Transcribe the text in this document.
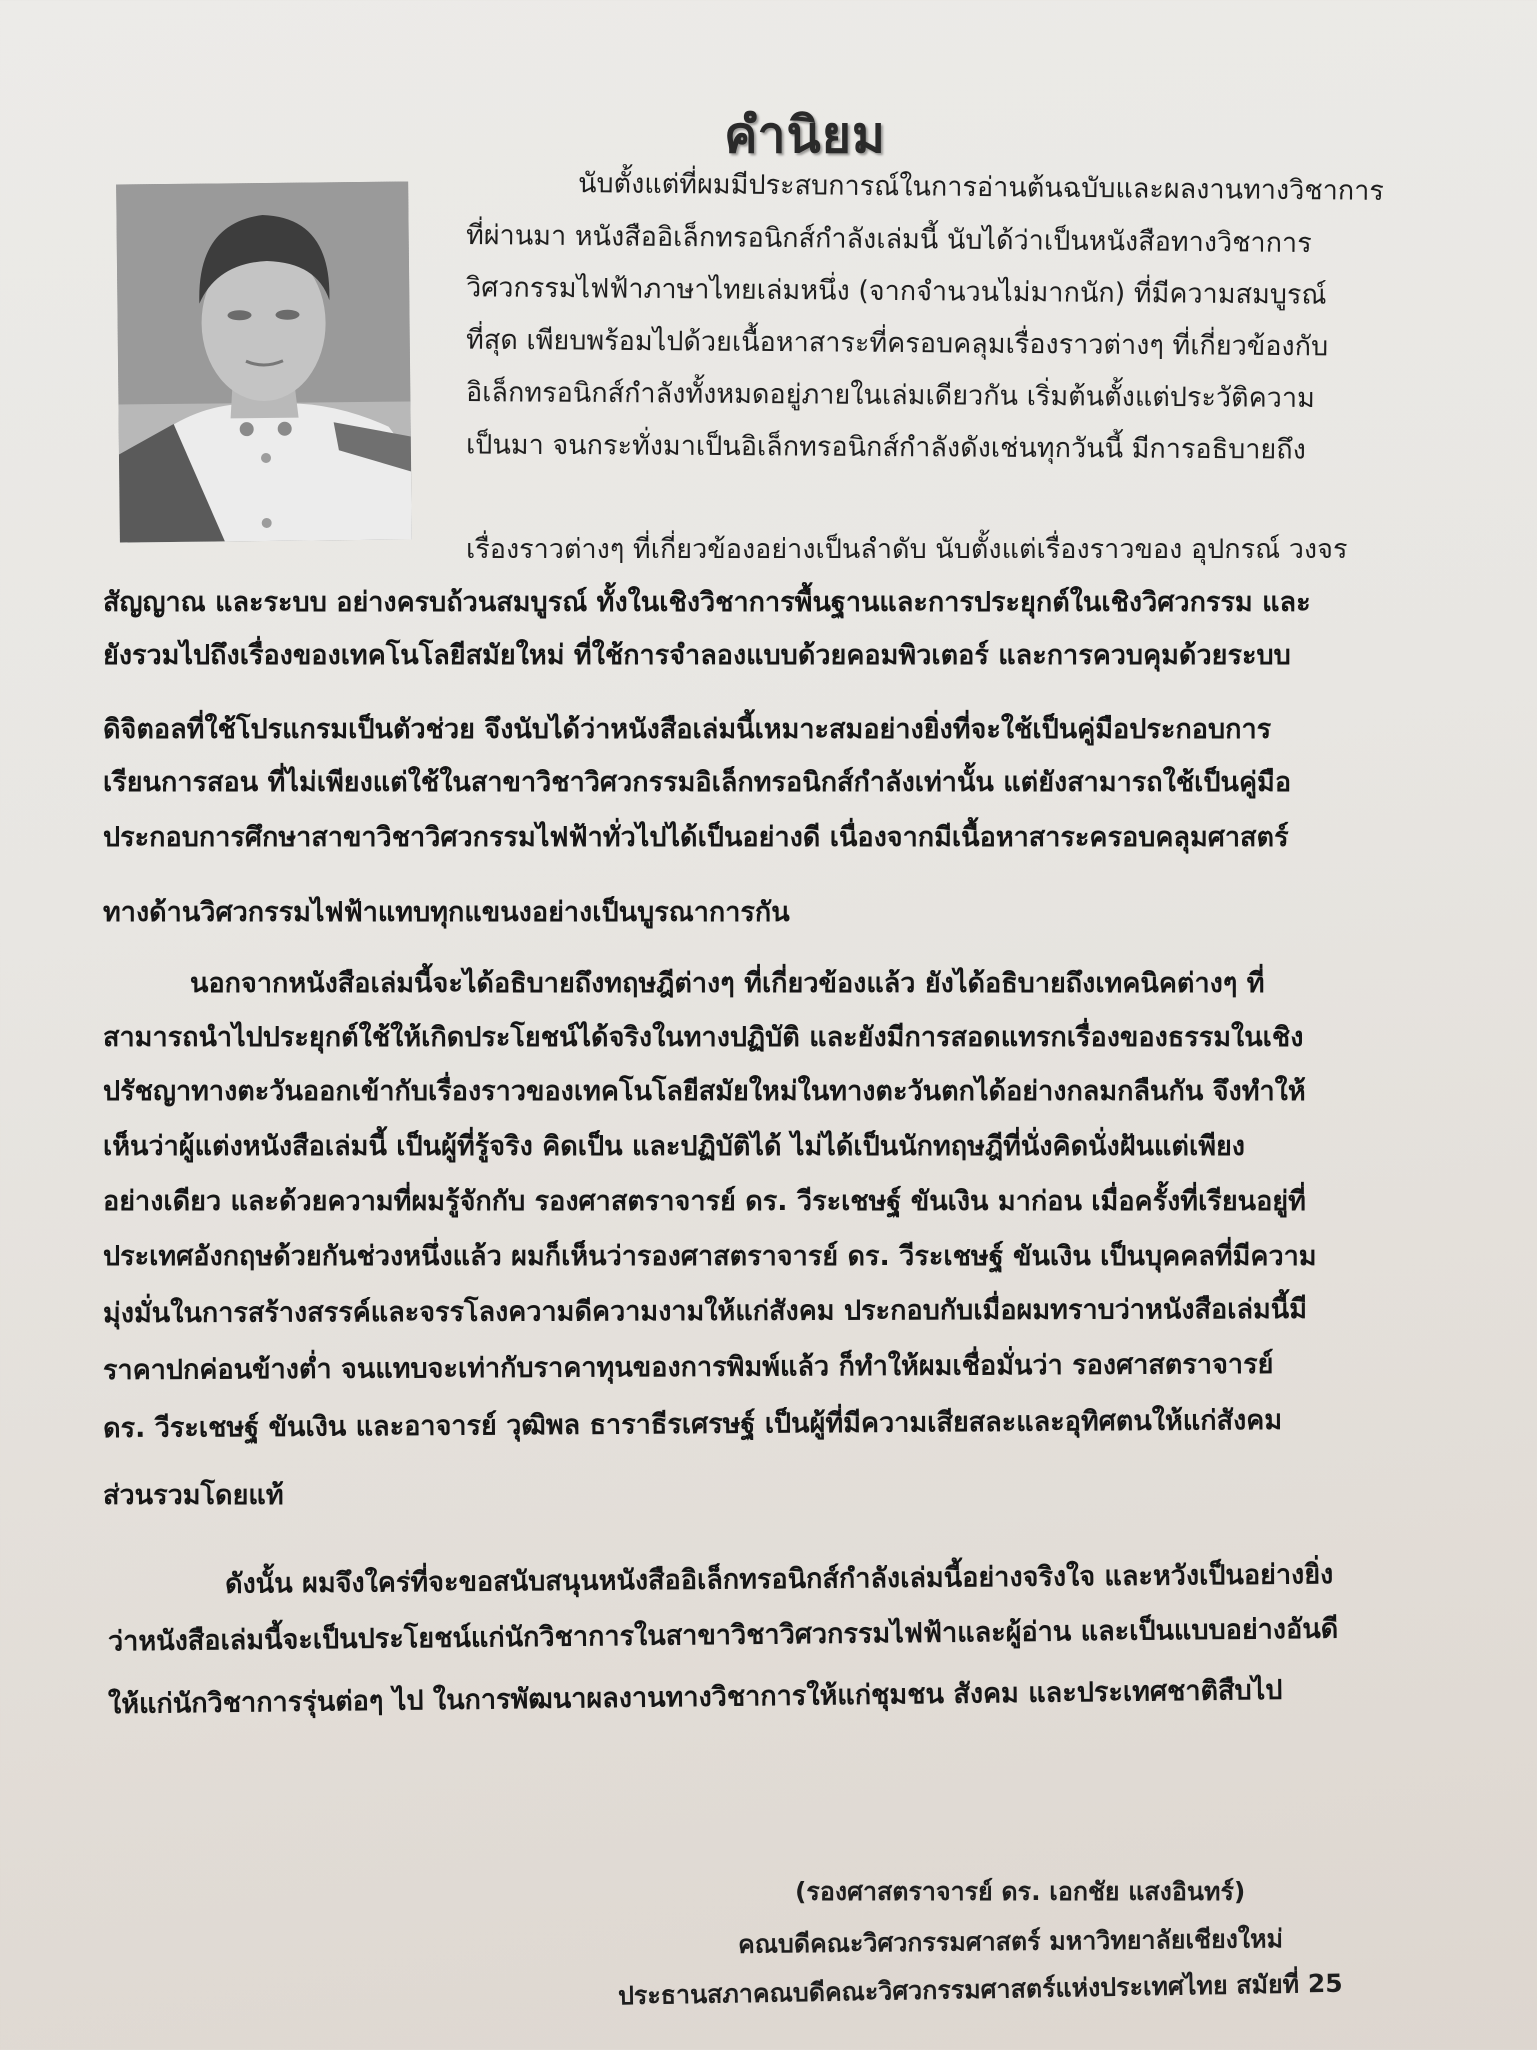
คำนิยม
นับตั้งแต่ที่ผมมีประสบการณ์ในการอ่านต้นฉบับและผลงานทางวิชาการ
ที่ผ่านมา หนังสืออิเล็กทรอนิกส์กำลังเล่มนี้ นับได้ว่าเป็นหนังสือทางวิชาการ
วิศวกรรมไฟฟ้าภาษาไทยเล่มหนึ่ง (จากจำนวนไม่มากนัก) ที่มีความสมบูรณ์
ที่สุด เพียบพร้อมไปด้วยเนื้อหาสาระที่ครอบคลุมเรื่องราวต่างๆ ที่เกี่ยวข้องกับ
อิเล็กทรอนิกส์กำลังทั้งหมดอยู่ภายในเล่มเดียวกัน เริ่มต้นตั้งแต่ประวัติความ
เป็นมา จนกระทั่งมาเป็นอิเล็กทรอนิกส์กำลังดังเช่นทุกวันนี้ มีการอธิบายถึง
เรื่องราวต่างๆ ที่เกี่ยวข้องอย่างเป็นลำดับ นับตั้งแต่เรื่องราวของ อุปกรณ์ วงจร
สัญญาณ และระบบ อย่างครบถ้วนสมบูรณ์ ทั้งในเชิงวิชาการพื้นฐานและการประยุกต์ในเชิงวิศวกรรม และ
ยังรวมไปถึงเรื่องของเทคโนโลยีสมัยใหม่ ที่ใช้การจำลองแบบด้วยคอมพิวเตอร์ และการควบคุมด้วยระบบ
ดิจิตอลที่ใช้โปรแกรมเป็นตัวช่วย จึงนับได้ว่าหนังสือเล่มนี้เหมาะสมอย่างยิ่งที่จะใช้เป็นคู่มือประกอบการ
เรียนการสอน ที่ไม่เพียงแต่ใช้ในสาขาวิชาวิศวกรรมอิเล็กทรอนิกส์กำลังเท่านั้น แต่ยังสามารถใช้เป็นคู่มือ
ประกอบการศึกษาสาขาวิชาวิศวกรรมไฟฟ้าทั่วไปได้เป็นอย่างดี เนื่องจากมีเนื้อหาสาระครอบคลุมศาสตร์
ทางด้านวิศวกรรมไฟฟ้าแทบทุกแขนงอย่างเป็นบูรณาการกัน
นอกจากหนังสือเล่มนี้จะได้อธิบายถึงทฤษฎีต่างๆ ที่เกี่ยวข้องแล้ว ยังได้อธิบายถึงเทคนิคต่างๆ ที่
สามารถนำไปประยุกต์ใช้ให้เกิดประโยชน์ได้จริงในทางปฏิบัติ และยังมีการสอดแทรกเรื่องของธรรมในเชิง
ปรัชญาทางตะวันออกเข้ากับเรื่องราวของเทคโนโลยีสมัยใหม่ในทางตะวันตกได้อย่างกลมกลืนกัน จึงทำให้
เห็นว่าผู้แต่งหนังสือเล่มนี้ เป็นผู้ที่รู้จริง คิดเป็น และปฏิบัติได้ ไม่ได้เป็นนักทฤษฎีที่นั่งคิดนั่งฝันแต่เพียง
อย่างเดียว และด้วยความที่ผมรู้จักกับ รองศาสตราจารย์ ดร. วีระเชษฐ์ ขันเงิน มาก่อน เมื่อครั้งที่เรียนอยู่ที่
ประเทศอังกฤษด้วยกันช่วงหนึ่งแล้ว ผมก็เห็นว่ารองศาสตราจารย์ ดร. วีระเชษฐ์ ขันเงิน เป็นบุคคลที่มีความ
มุ่งมั่นในการสร้างสรรค์และจรรโลงความดีความงามให้แก่สังคม ประกอบกับเมื่อผมทราบว่าหนังสือเล่มนี้มี
ราคาปกค่อนข้างต่ำ จนแทบจะเท่ากับราคาทุนของการพิมพ์แล้ว ก็ทำให้ผมเชื่อมั่นว่า รองศาสตราจารย์
ดร. วีระเชษฐ์ ขันเงิน และอาจารย์ วุฒิพล ธาราธีรเศรษฐ์ เป็นผู้ที่มีความเสียสละและอุทิศตนให้แก่สังคม
ส่วนรวมโดยแท้
ดังนั้น ผมจึงใคร่ที่จะขอสนับสนุนหนังสืออิเล็กทรอนิกส์กำลังเล่มนี้อย่างจริงใจ และหวังเป็นอย่างยิ่ง
ว่าหนังสือเล่มนี้จะเป็นประโยชน์แก่นักวิชาการในสาขาวิชาวิศวกรรมไฟฟ้าและผู้อ่าน และเป็นแบบอย่างอันดี
ให้แก่นักวิชาการรุ่นต่อๆ ไป ในการพัฒนาผลงานทางวิชาการให้แก่ชุมชน สังคม และประเทศชาติสืบไป
(รองศาสตราจารย์ ดร. เอกชัย แสงอินทร์)
คณบดีคณะวิศวกรรมศาสตร์ มหาวิทยาลัยเชียงใหม่
ประธานสภาคณบดีคณะวิศวกรรมศาสตร์แห่งประเทศไทย สมัยที่ 25
